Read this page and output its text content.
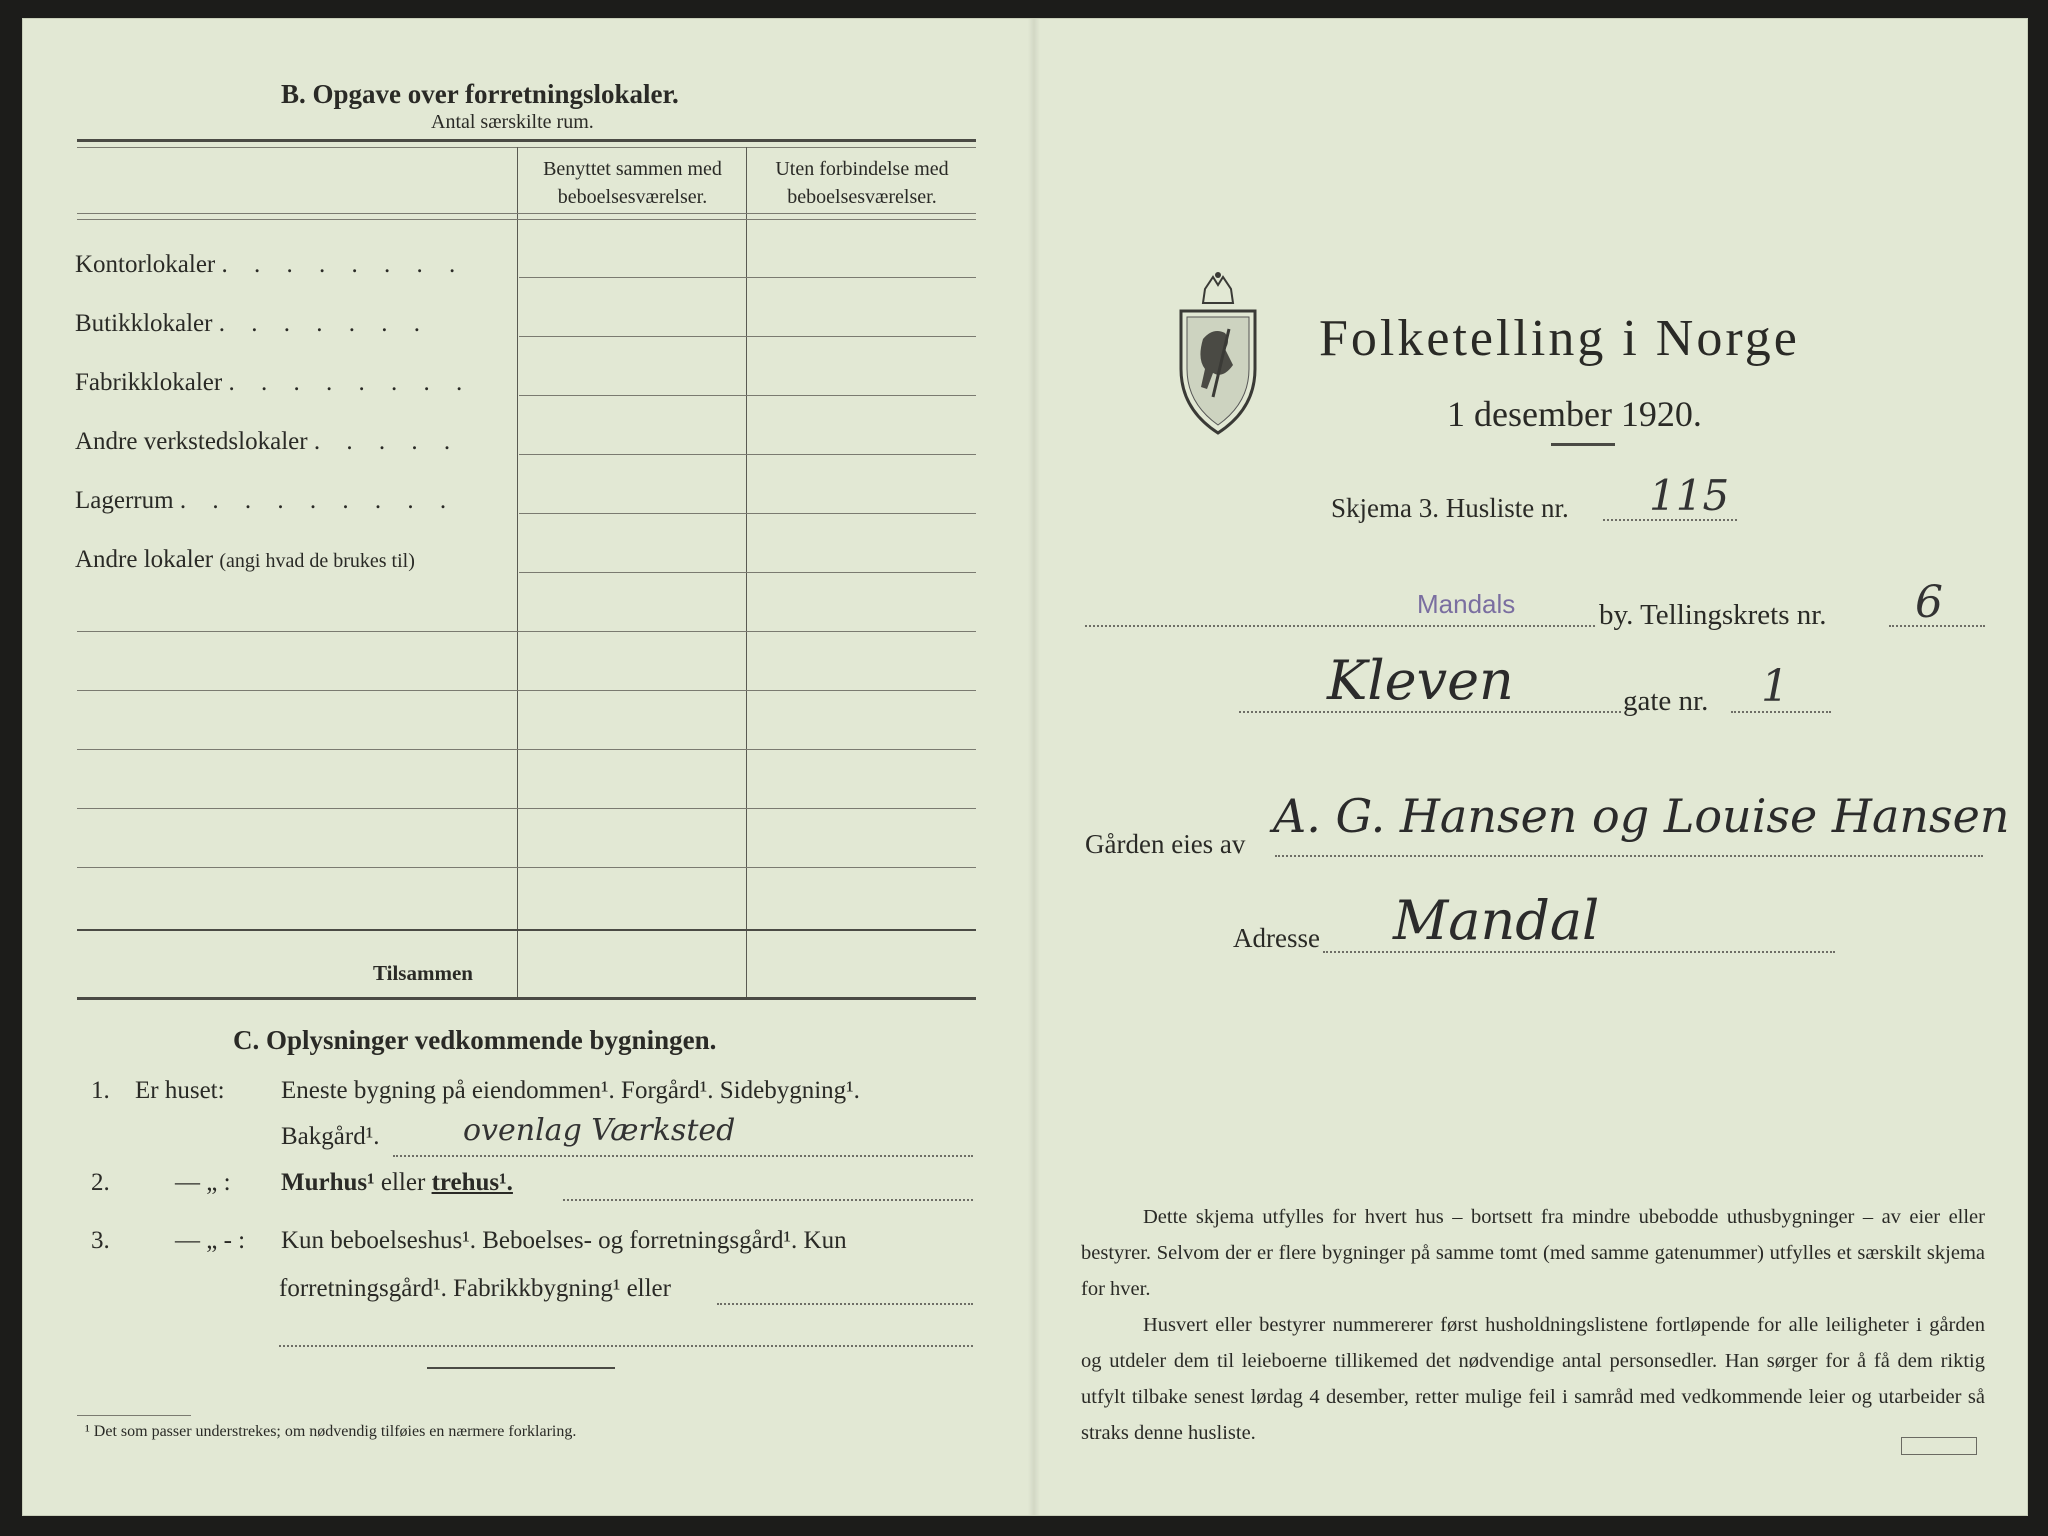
B. Opgave over forretningslokaler.
Antal særskilte rum.
Benyttet sammen med
beboelsesværelser.
Uten forbindelse med
beboelsesværelser.
Kontorlokaler . . . . . . . .
Butikklokaler . . . . . . .
Fabrikklokaler . . . . . . . .
Andre verkstedslokaler . . . . .
Lagerrum . . . . . . . . .
Andre lokaler (angi hvad de brukes til)
Tilsammen
C. Oplysninger vedkommende bygningen.
1. Er huset: Eneste bygning på eiendommen¹. Forgård¹. Sidebygning¹.
Bakgård¹.	ovenlag Værksted
2.	— „ : Murhus¹ eller trehus¹.
3.	— „ - : Kun beboelseshus¹. Beboelses- og forretningsgård¹. Kun
forretningsgård¹. Fabrikkbygning¹ eller
¹ Det som passer understrekes; om nødvendig tilføies en nærmere forklaring.
Folketelling i Norge
1 desember 1920.
Skjema 3. Husliste nr. 115
Mandals	by. Tellingskrets nr. 6
Kleven	gate nr. 1
Gården eies av
A. G. Hansen og Louise Hansen
Adresse Mandal
Dette skjema utfylles for hvert hus – bortsett fra mindre ubebodde uthusbygninger – av eier eller bestyrer. Selvom der er flere bygninger på samme tomt (med samme gatenummer) utfylles et særskilt skjema for hver.
Husvert eller bestyrer nummererer først husholdningslistene fortløpende for alle leiligheter i gården og utdeler dem til leieboerne tillikemed det nødvendige antal personsedler. Han sørger for å få dem riktig utfylt tilbake senest lørdag 4 desember, retter mulige feil i samråd med vedkommende leier og utarbeider så straks denne husliste.
